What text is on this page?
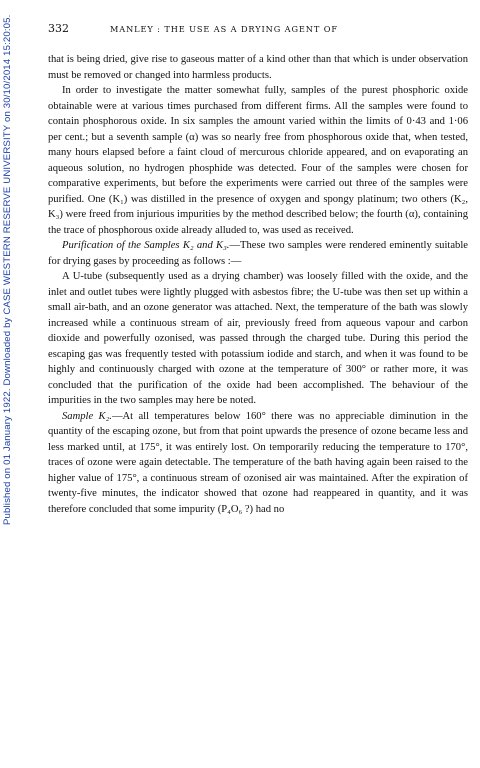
Published on 01 January 1922. Downloaded by CASE WESTERN RESERVE UNIVERSITY on 30/10/2014 15:20:05.	332	MANLEY : THE USE AS A DRYING AGENT OF

that is being dried, give rise to gaseous matter of a kind other than that which is under observation must be removed or changed into harmless products.

In order to investigate the matter somewhat fully, samples of the purest phosphoric oxide obtainable were at various times purchased from different firms. All the samples were found to contain phosphorous oxide. In six samples the amount varied within the limits of 0·43 and 1·06 per cent.; but a seventh sample (α) was so nearly free from phosphorous oxide that, when tested, many hours elapsed before a faint cloud of mercurous chloride appeared, and on evaporating an aqueous solution, no hydrogen phosphide was detected. Four of the samples were chosen for comparative experiments, but before the experiments were carried out three of the samples were purified. One (K₁) was distilled in the presence of oxygen and spongy platinum; two others (K₂, K₃) were freed from injurious impurities by the method described below; the fourth (α), containing the trace of phosphorous oxide already alluded to, was used as received.

Purification of the Samples K₂ and K₃.—These two samples were rendered eminently suitable for drying gases by proceeding as follows :—

A U-tube (subsequently used as a drying chamber) was loosely filled with the oxide, and the inlet and outlet tubes were lightly plugged with asbestos fibre; the U-tube was then set up within a small air-bath, and an ozone generator was attached. Next, the temperature of the bath was slowly increased while a continuous stream of air, previously freed from aqueous vapour and carbon dioxide and powerfully ozonised, was passed through the charged tube. During this period the escaping gas was frequently tested with potassium iodide and starch, and when it was found to be highly and continuously charged with ozone at the temperature of 300° or rather more, it was concluded that the purification of the oxide had been accomplished. The behaviour of the impurities in the two samples may here be noted.

Sample K₂.—At all temperatures below 160° there was no appreciable diminution in the quantity of the escaping ozone, but from that point upwards the presence of ozone became less and less marked until, at 175°, it was entirely lost. On temporarily reducing the temperature to 170°, traces of ozone were again detectable. The temperature of the bath having again been raised to the higher value of 175°, a continuous stream of ozonised air was maintained. After the expiration of twenty-five minutes, the indicator showed that ozone had reappeared in quantity, and it was therefore concluded that some impurity (P₄O₆ ?) had no
